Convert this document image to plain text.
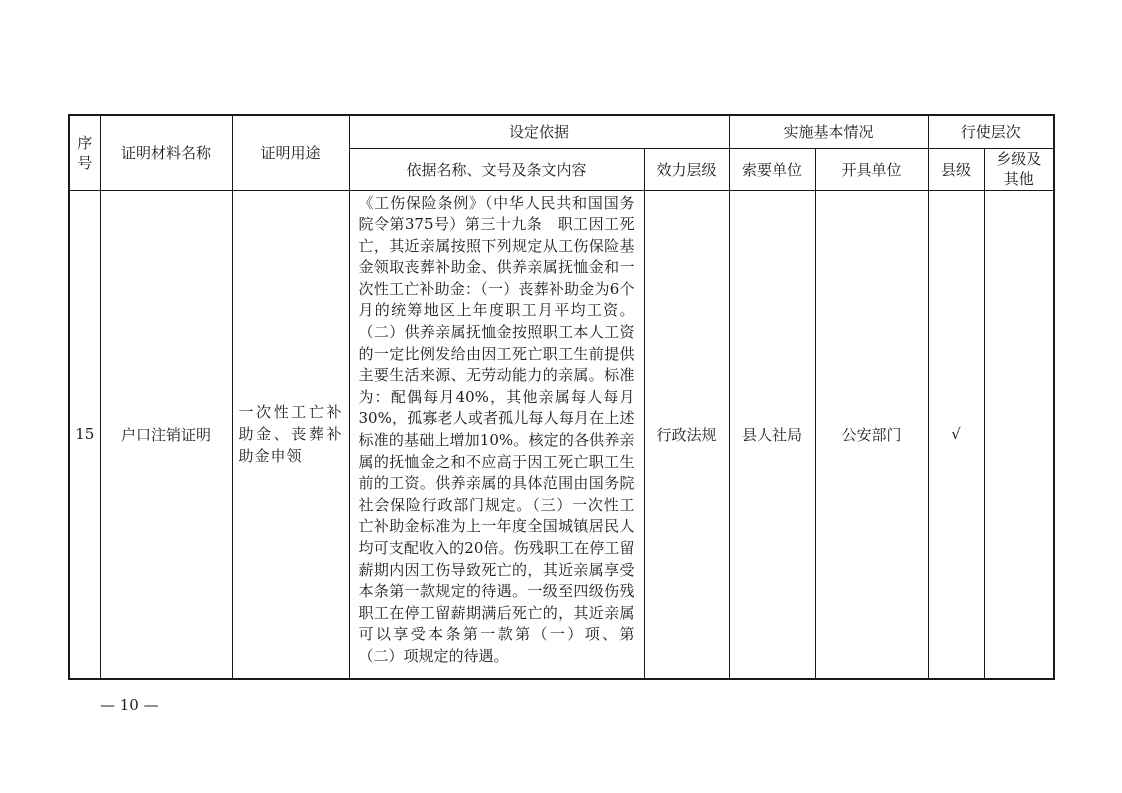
序号	证明材料名称	证明用途	设定依据		实施基本情况		行使层次	
			依据名称、文号及条文内容	效力层级	索要单位	开具单位	县级	乡级及其他
15	户口注销证明	一次性工亡补助金、丧葬补助金申领	《工伤保险条例》（中华人民共和国国务院令第375号）第三十九条　职工因工死亡，其近亲属按照下列规定从工伤保险基金领取丧葬补助金、供养亲属抚恤金和一次性工亡补助金：（一）丧葬补助金为6个月的统筹地区上年度职工月平均工资。（二）供养亲属抚恤金按照职工本人工资的一定比例发给由因工死亡职工生前提供主要生活来源、无劳动能力的亲属。标准为：配偶每月40%，其他亲属每人每月30%，孤寡老人或者孤儿每人每月在上述标准的基础上增加10%。核定的各供养亲属的抚恤金之和不应高于因工死亡职工生前的工资。供养亲属的具体范围由国务院社会保险行政部门规定。（三）一次性工亡补助金标准为上一年度全国城镇居民人均可支配收入的20倍。伤残职工在停工留薪期内因工伤导致死亡的，其近亲属享受本条第一款规定的待遇。一级至四级伤残职工在停工留薪期满后死亡的，其近亲属可以享受本条第一款第（一）项、第（二）项规定的待遇。	行政法规	县人社局	公安部门	√	
— 10 —
